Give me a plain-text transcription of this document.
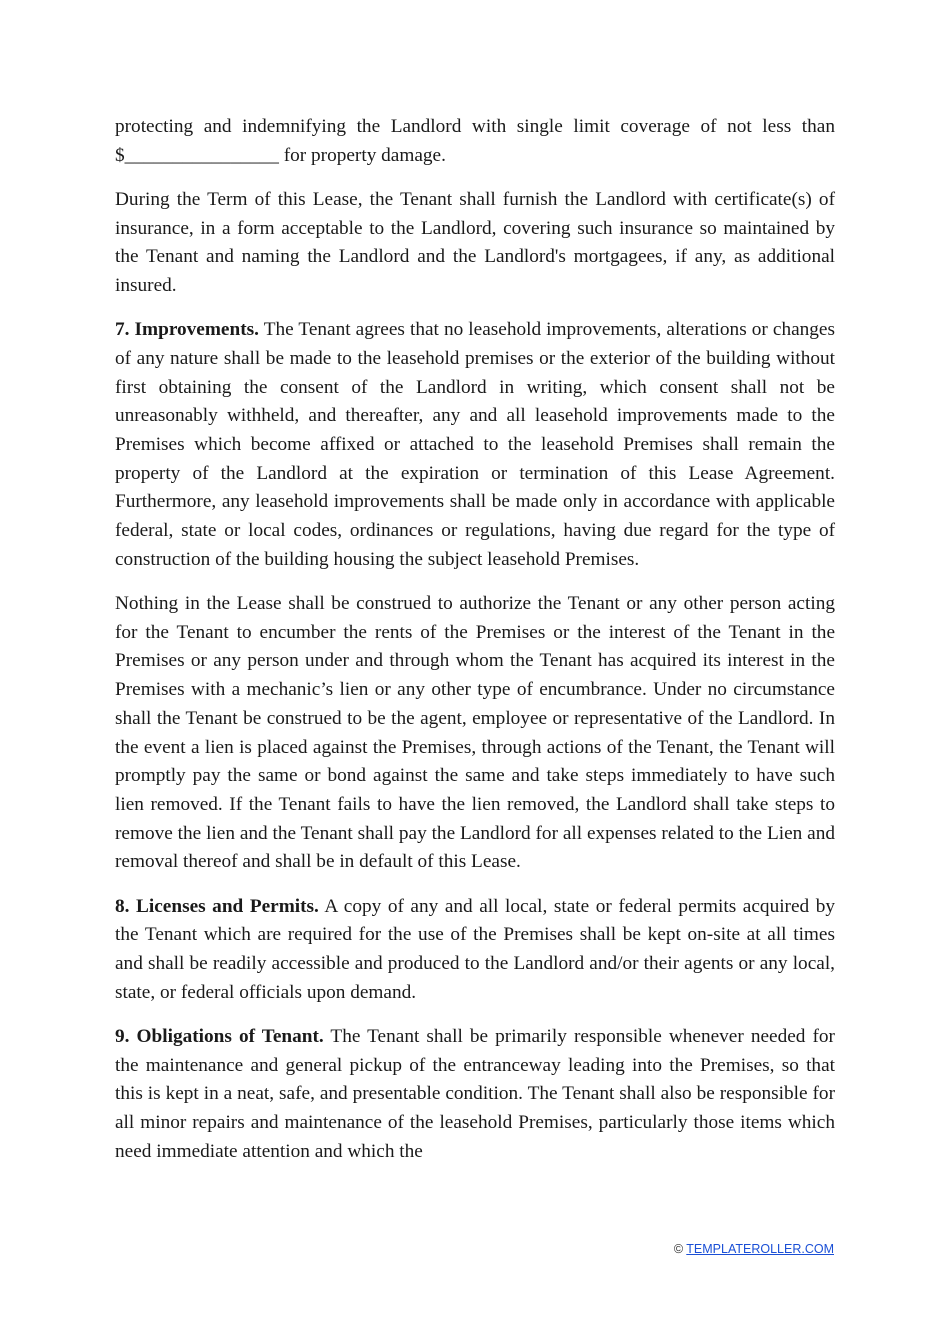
protecting and indemnifying the Landlord with single limit coverage of not less than $________________ for property damage.

During the Term of this Lease, the Tenant shall furnish the Landlord with certificate(s) of insurance, in a form acceptable to the Landlord, covering such insurance so maintained by the Tenant and naming the Landlord and the Landlord's mortgagees, if any, as additional insured.

7. Improvements. The Tenant agrees that no leasehold improvements, alterations or changes of any nature shall be made to the leasehold premises or the exterior of the building without first obtaining the consent of the Landlord in writing, which consent shall not be unreasonably withheld, and thereafter, any and all leasehold improvements made to the Premises which become affixed or attached to the leasehold Premises shall remain the property of the Landlord at the expiration or termination of this Lease Agreement. Furthermore, any leasehold improvements shall be made only in accordance with applicable federal, state or local codes, ordinances or regulations, having due regard for the type of construction of the building housing the subject leasehold Premises.

Nothing in the Lease shall be construed to authorize the Tenant or any other person acting for the Tenant to encumber the rents of the Premises or the interest of the Tenant in the Premises or any person under and through whom the Tenant has acquired its interest in the Premises with a mechanic’s lien or any other type of encumbrance. Under no circumstance shall the Tenant be construed to be the agent, employee or representative of the Landlord. In the event a lien is placed against the Premises, through actions of the Tenant, the Tenant will promptly pay the same or bond against the same and take steps immediately to have such lien removed. If the Tenant fails to have the lien removed, the Landlord shall take steps to remove the lien and the Tenant shall pay the Landlord for all expenses related to the Lien and removal thereof and shall be in default of this Lease.

8. Licenses and Permits. A copy of any and all local, state or federal permits acquired by the Tenant which are required for the use of the Premises shall be kept on-site at all times and shall be readily accessible and produced to the Landlord and/or their agents or any local, state, or federal officials upon demand.

9. Obligations of Tenant. The Tenant shall be primarily responsible whenever needed for the maintenance and general pickup of the entranceway leading into the Premises, so that this is kept in a neat, safe, and presentable condition. The Tenant shall also be responsible for all minor repairs and maintenance of the leasehold Premises, particularly those items which need immediate attention and which the

© TEMPLATEROLLER.COM
